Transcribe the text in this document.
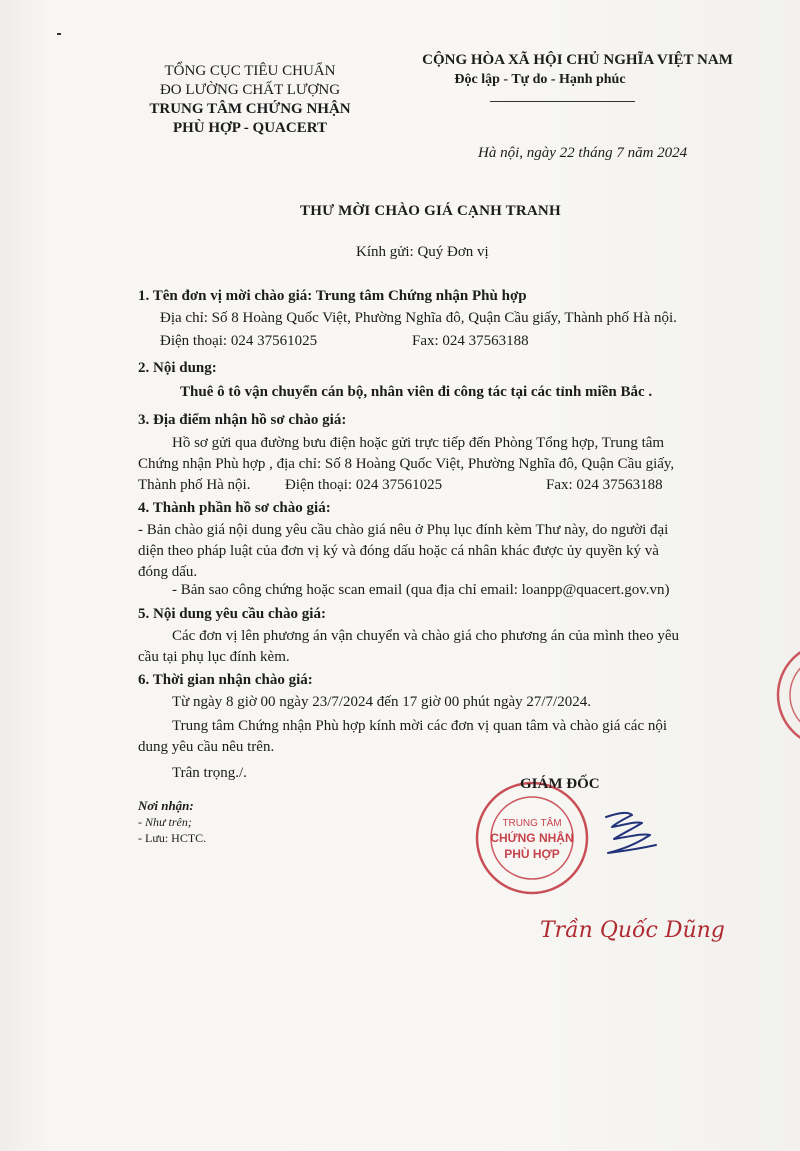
TỔNG CỤC TIÊU CHUẨN
ĐO LƯỜNG CHẤT LƯỢNG
TRUNG TÂM CHỨNG NHẬN
PHÙ HỢP - QUACERT
CỘNG HÒA XÃ HỘI CHỦ NGHĨA VIỆT NAM
Độc lập - Tự do - Hạnh phúc
Hà nội, ngày 22 tháng 7 năm 2024
THƯ MỜI CHÀO GIÁ CẠNH TRANH
Kính gửi: Quý Đơn vị
1. Tên đơn vị mời chào giá: Trung tâm Chứng nhận Phù hợp
Địa chỉ: Số 8 Hoàng Quốc Việt, Phường Nghĩa đô, Quận Cầu giấy, Thành phố Hà nội.
Điện thoại: 024 37561025	Fax: 024 37563188
2. Nội dung:
Thuê ô tô vận chuyển cán bộ, nhân viên đi công tác tại các tỉnh miền Bắc .
3. Địa điểm nhận hồ sơ chào giá:
Hồ sơ gửi qua đường bưu điện hoặc gửi trực tiếp đến Phòng Tổng hợp, Trung tâm
Chứng nhận Phù hợp , địa chỉ: Số 8 Hoàng Quốc Việt, Phường Nghĩa đô, Quận Cầu giấy,
Thành phố Hà nội. Điện thoại: 024 37561025	Fax: 024 37563188
4. Thành phần hồ sơ chào giá:
- Bản chào giá nội dung yêu cầu chào giá nêu ở Phụ lục đính kèm Thư này, do người đại
diện theo pháp luật của đơn vị ký và đóng dấu hoặc cá nhân khác được ủy quyền ký và
đóng dấu.
- Bản sao công chứng hoặc scan email (qua địa chỉ email: loanpp@quacert.gov.vn)
5. Nội dung yêu cầu chào giá:
Các đơn vị lên phương án vận chuyển và chào giá cho phương án của mình theo yêu
cầu tại phụ lục đính kèm.
6. Thời gian nhận chào giá:
Từ ngày 8 giờ 00 ngày 23/7/2024 đến 17 giờ 00 phút ngày 27/7/2024.
Trung tâm Chứng nhận Phù hợp kính mời các đơn vị quan tâm và chào giá các nội
dung yêu cầu nêu trên.
Trân trọng./.
Nơi nhận:
- Như trên;
- Lưu: HCTC.
TRUNG TÂM
CHỨNG NHẬN
PHÙ HỢP
GIÁM ĐỐC
Trần Quốc Dũng
